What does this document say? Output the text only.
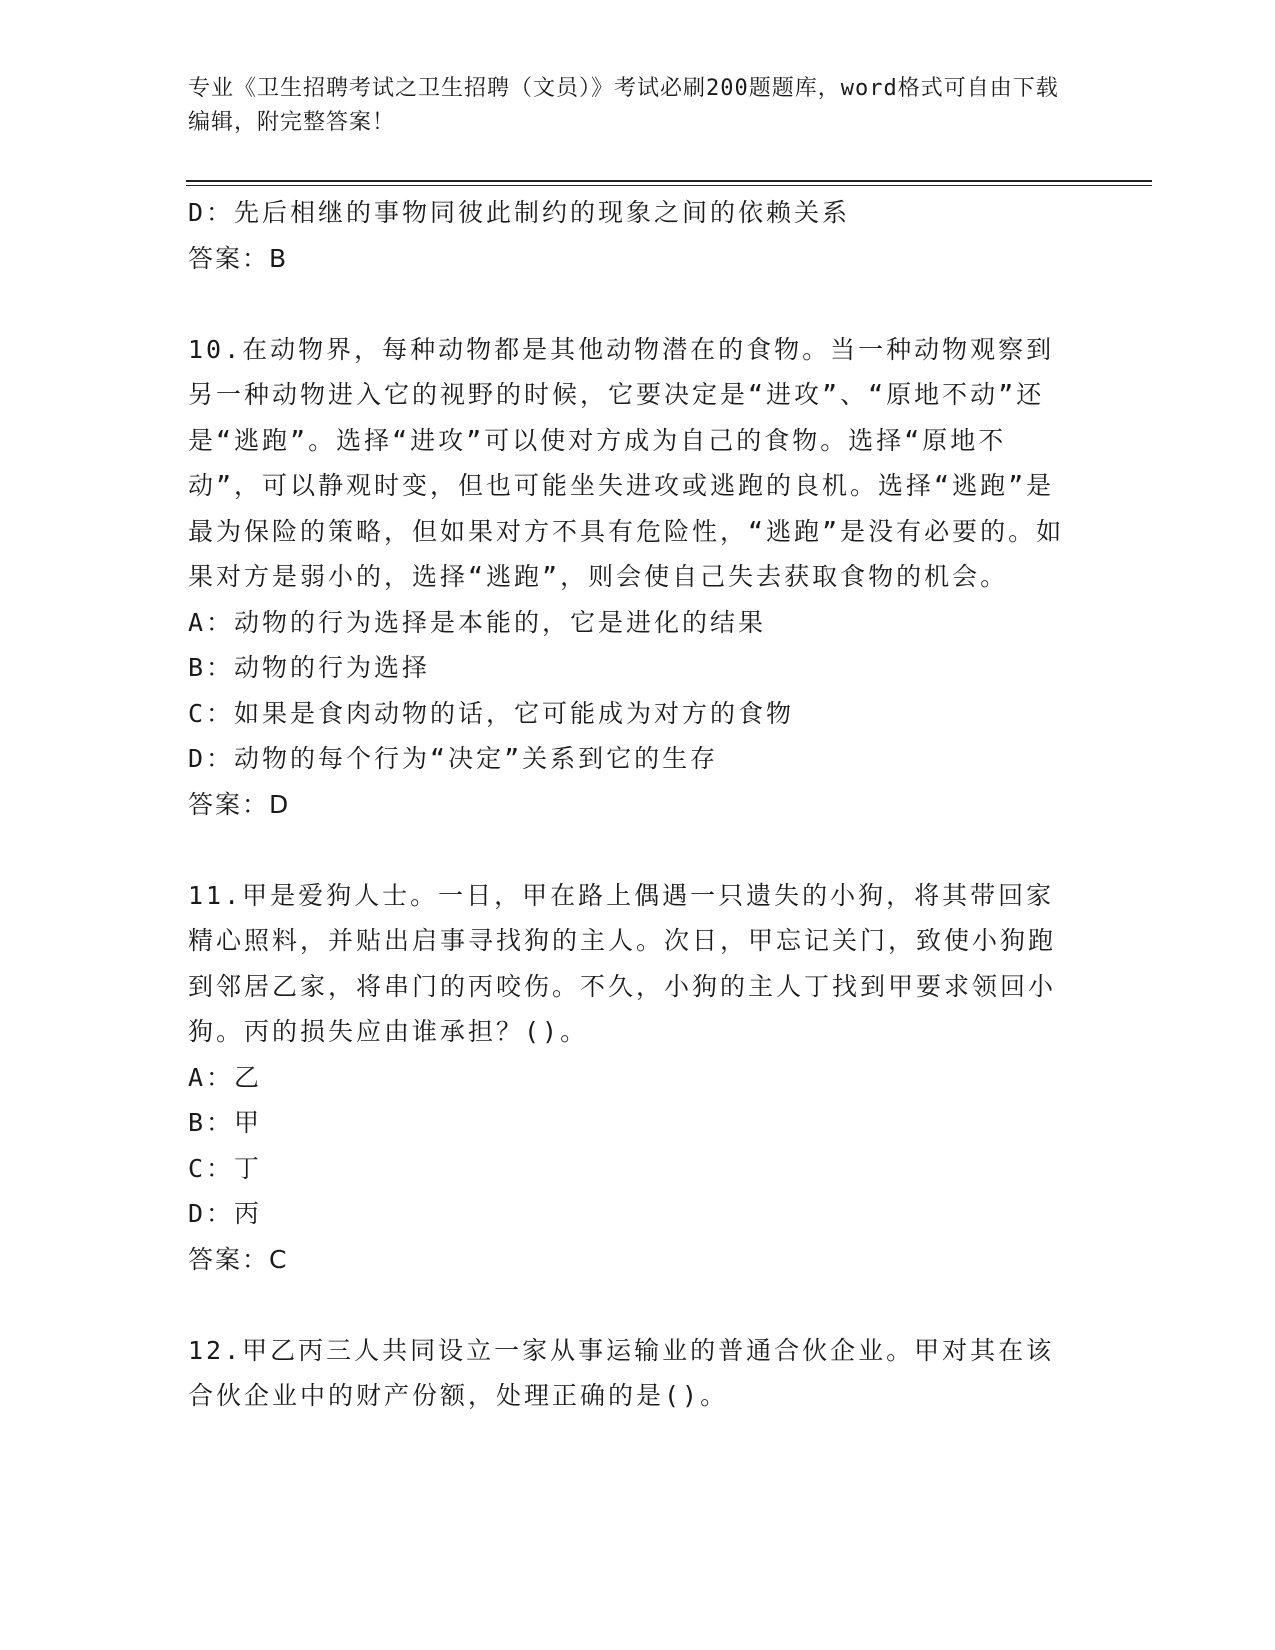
专业《卫生招聘考试之卫生招聘（文员）》考试必刷200题题库，word格式可自由下载编辑，附完整答案！
D：先后相继的事物同彼此制约的现象之间的依赖关系
答案：B
10.在动物界，每种动物都是其他动物潜在的食物。当一种动物观察到另一种动物进入它的视野的时候，它要决定是“进攻”、“原地不动”还是“逃跑”。选择“进攻”可以使对方成为自己的食物。选择“原地不动”，可以静观时变，但也可能坐失进攻或逃跑的良机。选择“逃跑”是最为保险的策略，但如果对方不具有危险性，“逃跑”是没有必要的。如果对方是弱小的，选择“逃跑”，则会使自己失去获取食物的机会。
A：动物的行为选择是本能的，它是进化的结果
B：动物的行为选择
C：如果是食肉动物的话，它可能成为对方的食物
D：动物的每个行为“决定”关系到它的生存
答案：D
11.甲是爱狗人士。一日，甲在路上偶遇一只遗失的小狗，将其带回家精心照料，并贴出启事寻找狗的主人。次日，甲忘记关门，致使小狗跑到邻居乙家，将串门的丙咬伤。不久，小狗的主人丁找到甲要求领回小狗。丙的损失应由谁承担？()。
A：乙
B：甲
C：丁
D：丙
答案：C
12.甲乙丙三人共同设立一家从事运输业的普通合伙企业。甲对其在该合伙企业中的财产份额，处理正确的是()。
